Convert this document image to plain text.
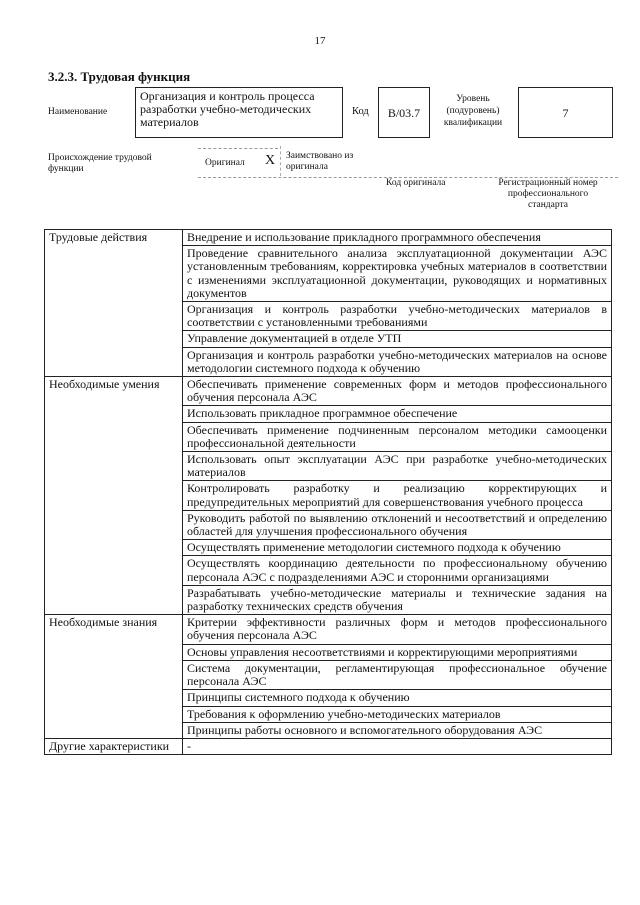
17
3.2.3. Трудовая функция
Наименование
Организация и контроль процесса разработки учебно-методических материалов
Код	B/03.7
Уровень (подуровень) квалификации
7
Происхождение трудовой функции
Оригинал X Заимствовано из оригинала
Код оригинала	Регистрационный номер профессионального стандарта
Трудовые действия	Внедрение и использование прикладного программного обеспечения
	Проведение сравнительного анализа эксплуатационной документации АЭС установленным требованиям, корректировка учебных материалов в соответствии с изменениями эксплуатационной документации, руководящих и нормативных документов
	Организация и контроль разработки учебно-методических материалов в соответствии с установленными требованиями
	Управление документацией в отделе УТП
	Организация и контроль разработки учебно-методических материалов на основе методологии системного подхода к обучению
Необходимые умения	Обеспечивать применение современных форм и методов профессионального обучения персонала АЭС
	Использовать прикладное программное обеспечение
	Обеспечивать применение подчиненным персоналом методики самооценки профессиональной деятельности
	Использовать опыт эксплуатации АЭС при разработке учебно-методических материалов
	Контролировать разработку и реализацию корректирующих и предупредительных мероприятий для совершенствования учебного процесса
	Руководить работой по выявлению отклонений и несоответствий и определению областей для улучшения профессионального обучения
	Осуществлять применение методологии системного подхода к обучению
	Осуществлять координацию деятельности по профессиональному обучению персонала АЭС с подразделениями АЭС и сторонними организациями
	Разрабатывать учебно-методические материалы и технические задания на разработку технических средств обучения
Необходимые знания	Критерии эффективности различных форм и методов профессионального обучения персонала АЭС
	Основы управления несоответствиями и корректирующими мероприятиями
	Система документации, регламентирующая профессиональное обучение персонала АЭС
	Принципы системного подхода к обучению
	Требования к оформлению учебно-методических материалов
	Принципы работы основного и вспомогательного оборудования АЭС
Другие характеристики	-
